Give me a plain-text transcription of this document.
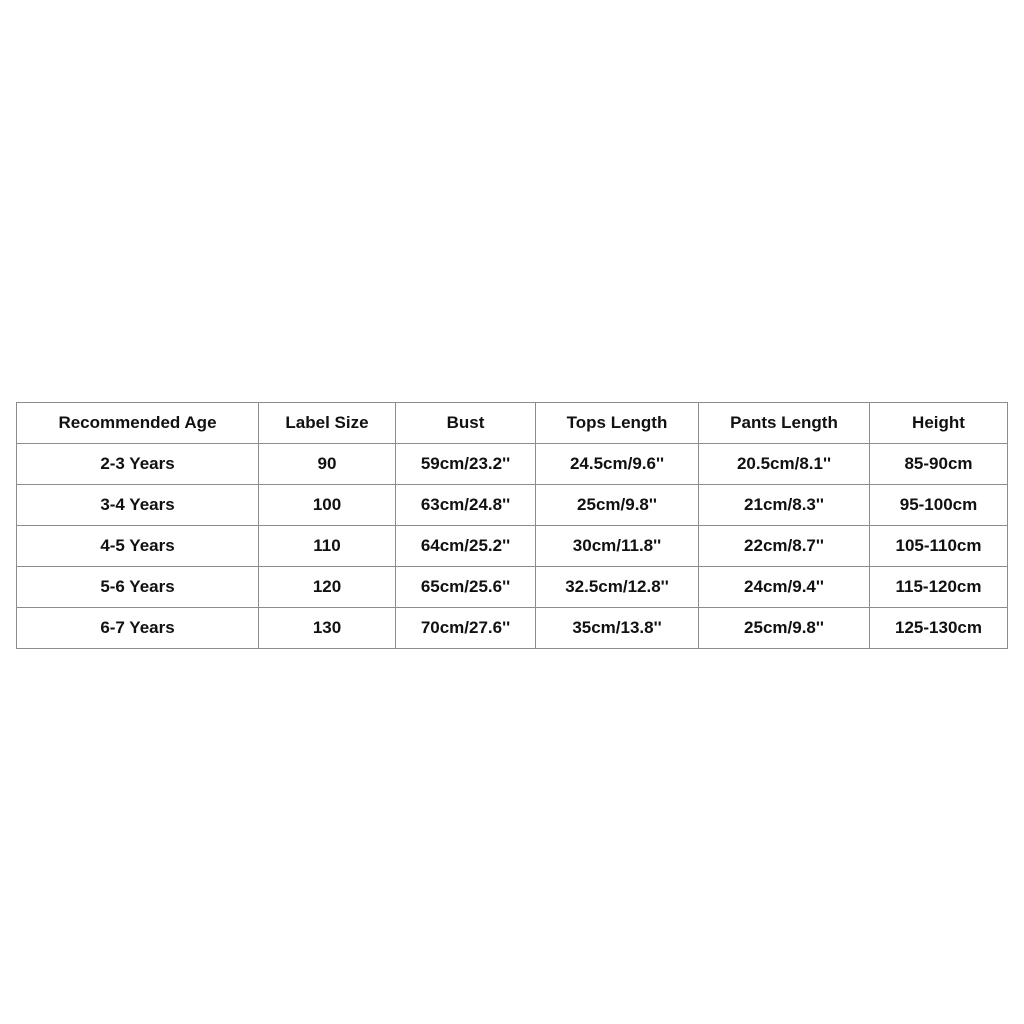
Recommended Age	Label Size	Bust	Tops Length	Pants Length	Height
2-3 Years	90	59cm/23.2''	24.5cm/9.6''	20.5cm/8.1''	85-90cm
3-4 Years	100	63cm/24.8''	25cm/9.8''	21cm/8.3''	95-100cm
4-5 Years	110	64cm/25.2''	30cm/11.8''	22cm/8.7''	105-110cm
5-6 Years	120	65cm/25.6''	32.5cm/12.8''	24cm/9.4''	115-120cm
6-7 Years	130	70cm/27.6''	35cm/13.8''	25cm/9.8''	125-130cm
